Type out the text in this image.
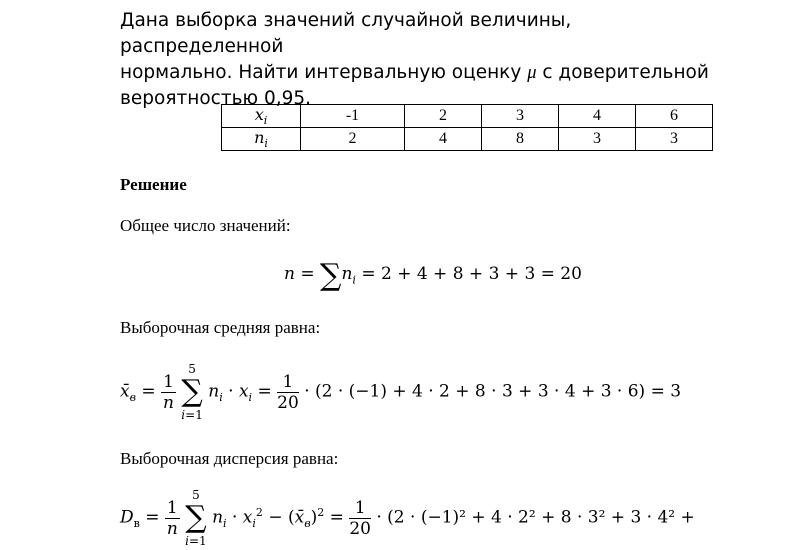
Дана выборка значений случайной величины, распределенной

нормально. Найти интервальную оценку μ с доверительной

вероятностью 0,95.

$x_i$	-1	2	3	4	6
$n_i$	2	4	8	3	3
Решение
Общее число значений:
$n = \sum n_i = 2 + 4 + 8 + 3 + 3 = 20$
Выборочная средняя равна:
$x̄_в = \frac{1}{n}$

5
∑
i=1
$n_i \cdot x_i = \frac{1}{20} \cdot (2 \cdot (-1) + 4 \cdot 2 + 8 \cdot 3 + 3 \cdot 4 + 3 \cdot 6) = 3$
Выборочная дисперсия равна:
$D_в = \frac{1}{n}$

5
∑
i=1
$n_i \cdot x_i^2$ − $(x̄_в)^2 = \frac{1}{20} \cdot (2 \cdot (-1)^2 + 4 \cdot 2^2 + 8 \cdot 3^2 + 3 \cdot 4^2$ +
